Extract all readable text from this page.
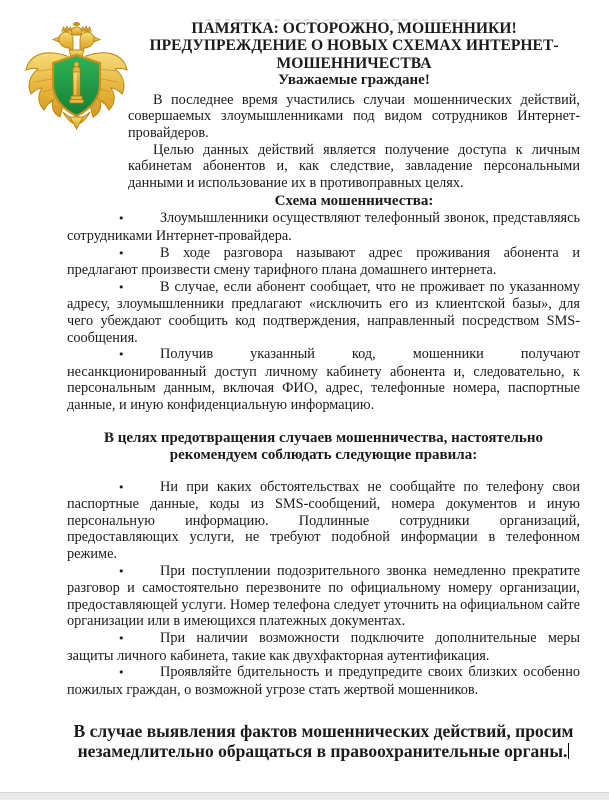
ПАМЯТКА: ОСТОРОЖНО, МОШЕННИКИ!
ПРЕДУПРЕЖДЕНИЕ О НОВЫХ СХЕМАХ ИНТЕРНЕТ-
МОШЕННИЧЕСТВА
Уважаемые граждане!

В последнее время участились случаи мошеннических действий, совершаемых злоумышленниками под видом сотрудников Интернет-провайдеров.

Целью данных действий является получение доступа к личным кабинетам абонентов и, как следствие, завладение персональными данными и использование их в противоправных целях.

Схема мошенничества:

• Злоумышленники осуществляют телефонный звонок, представляясь сотрудниками Интернет-провайдера.

• В ходе разговора называют адрес проживания абонента и предлагают произвести смену тарифного плана домашнего интернета.

• В случае, если абонент сообщает, что не проживает по указанному адресу, злоумышленники предлагают «исключить его из клиентской базы», для чего убеждают сообщить код подтверждения, направленный посредством SMS-сообщения.

• Получив указанный код, мошенники получают несанкционированный доступ личному кабинету абонента и, следовательно, к персональным данным, включая ФИО, адрес, телефонные номера, паспортные данные, и иную конфиденциальную информацию.

В целях предотвращения случаев мошенничества, настоятельно рекомендуем соблюдать следующие правила:

• Ни при каких обстоятельствах не сообщайте по телефону свои паспортные данные, коды из SMS-сообщений, номера документов и иную персональную информацию. Подлинные сотрудники организаций, предоставляющих услуги, не требуют подобной информации в телефонном режиме.

• При поступлении подозрительного звонка немедленно прекратите разговор и самостоятельно перезвоните по официальному номеру организации, предоставляющей услуги. Номер телефона следует уточнить на официальном сайте организации или в имеющихся платежных документах.

• При наличии возможности подключите дополнительные меры защиты личного кабинета, такие как двухфакторная аутентификация.

• Проявляйте бдительность и предупредите своих близких особенно пожилых граждан, о возможной угрозе стать жертвой мошенников.

В случае выявления фактов мошеннических действий, просим незамедлительно обращаться в правоохранительные органы.
